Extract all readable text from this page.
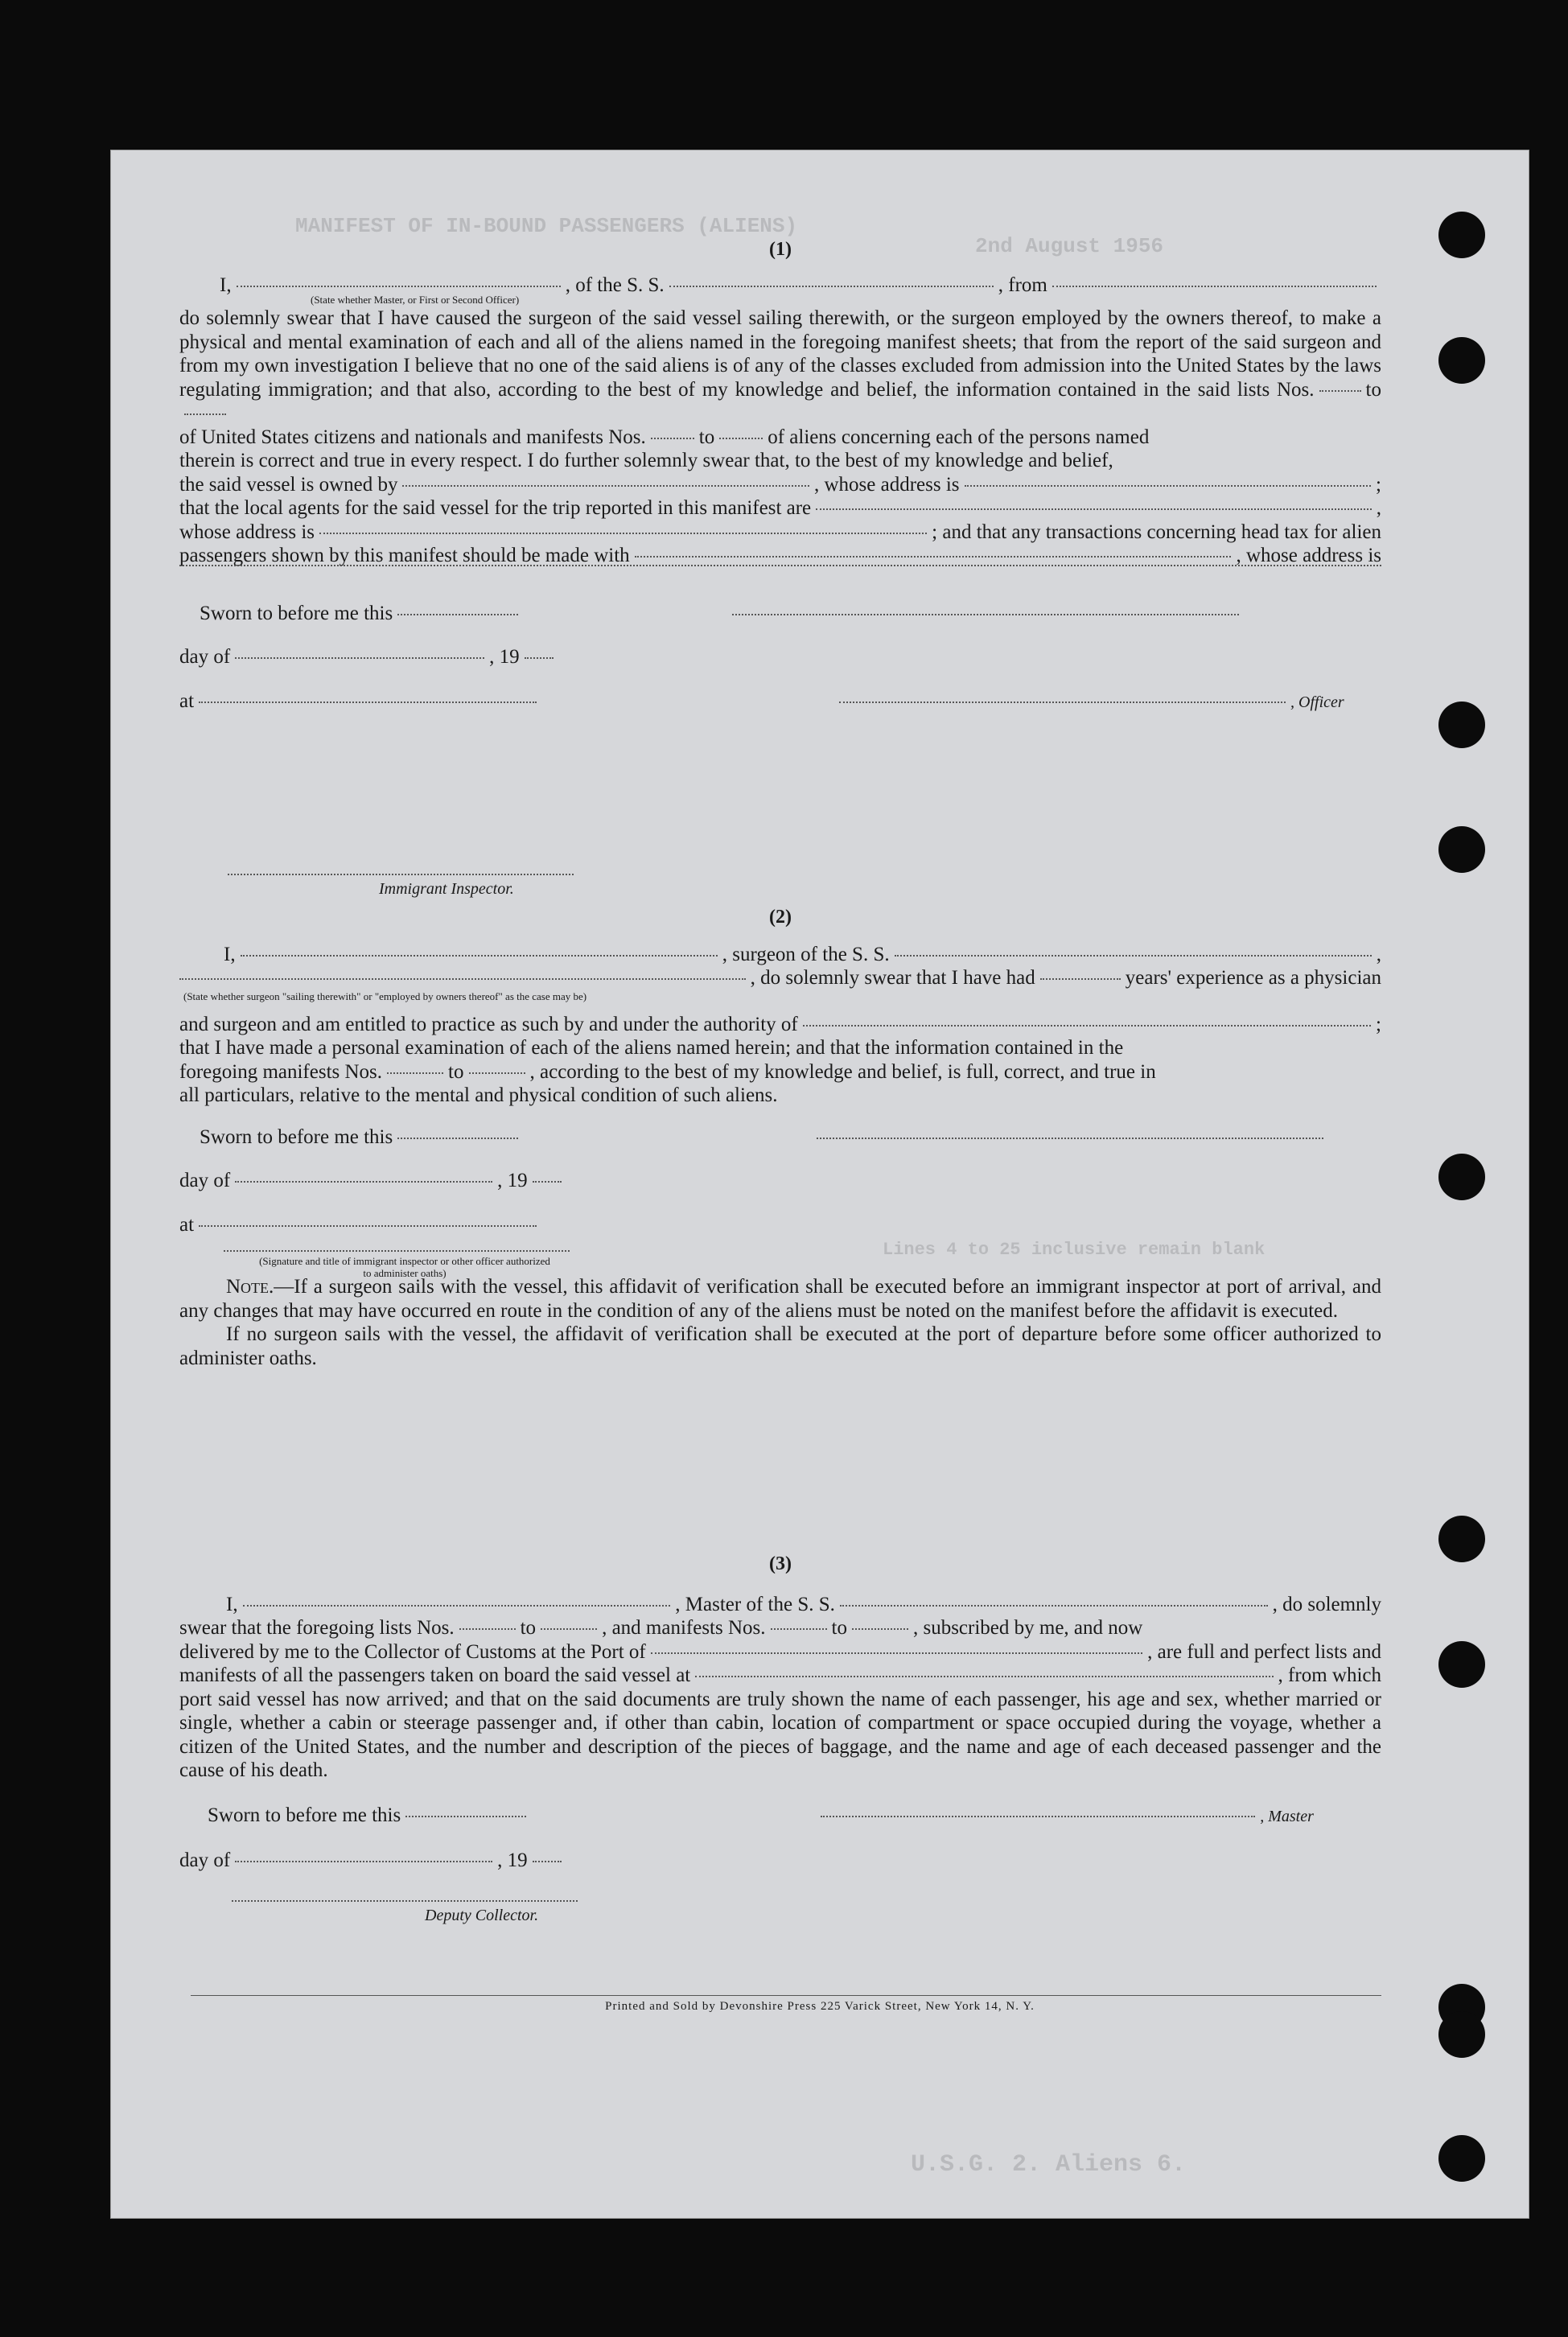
MANIFEST OF IN-BOUND PASSENGERS (ALIENS)
2nd August 1956
Lines 4 to 25 inclusive remain blank
U.S.G. 2. Aliens 6.
(1)
I,	, of the S. S.	, from
(State whether Master, or First or Second Officer)

do solemnly swear that I have caused the surgeon of the said vessel sailing therewith, or the surgeon employed by the owners thereof, to make a physical and mental examination of each and all of the aliens named in the foregoing manifest sheets; that from the report of the said surgeon and from my own investigation I believe that no one of the said aliens is of any of the classes excluded from admission into the United States by the laws regulating immigration; and that also, according to the best of my knowledge and belief, the information contained in the said lists Nos.	to

of United States citizens and nationals and manifests Nos.	to	of aliens concerning each of the persons named

therein is correct and true in every respect. I do further solemnly swear that, to the best of my knowledge and belief,

the said vessel is owned by	, whose address is	;
that the local agents for the said vessel for the trip reported in this manifest are	,
whose address is	; and that any transactions concerning head tax for alien
passengers shown by this manifest should be made with	, whose address is
Sworn to before me this
day of	, 19
at	, Officer
Immigrant Inspector.
(2)
I,	, surgeon of the S. S.	,
, do solemnly swear that I have had	years' experience as a physician
(State whether surgeon "sailing therewith" or "employed by owners thereof" as the case may be)
and surgeon and am entitled to practice as such by and under the authority of	;

that I have made a personal examination of each of the aliens named herein; and that the information contained in the

foregoing manifests Nos.	to	, according to the best of my knowledge and belief, is full, correct, and true in

all particulars, relative to the mental and physical condition of such aliens.

Sworn to before me this
day of	, 19
at
(Signature and title of immigrant inspector or other officer authorized to administer oaths)

Note.—If a surgeon sails with the vessel, this affidavit of verification shall be executed before an immigrant inspector at port of arrival, and any changes that may have occurred en route in the condition of any of the aliens must be noted on the manifest before the affidavit is executed.

If no surgeon sails with the vessel, the affidavit of verification shall be executed at the port of departure before some officer authorized to administer oaths.

(3)
I,	, Master of the S. S.	, do solemnly
swear that the foregoing lists Nos.	to	, and manifests Nos.	to	, subscribed by me, and now
delivered by me to the Collector of Customs at the Port of	, are full and perfect lists and
manifests of all the passengers taken on board the said vessel at	, from which

port said vessel has now arrived; and that on the said documents are truly shown the name of each passenger, his age and sex, whether married or single, whether a cabin or steerage passenger and, if other than cabin, location of compartment or space occupied during the voyage, whether a citizen of the United States, and the number and description of the pieces of baggage, and the name and age of each deceased passenger and the cause of his death.

Sworn to before me this	, Master
day of	, 19
Deputy Collector.
Printed and Sold by Devonshire Press 225 Varick Street, New York 14, N. Y.
